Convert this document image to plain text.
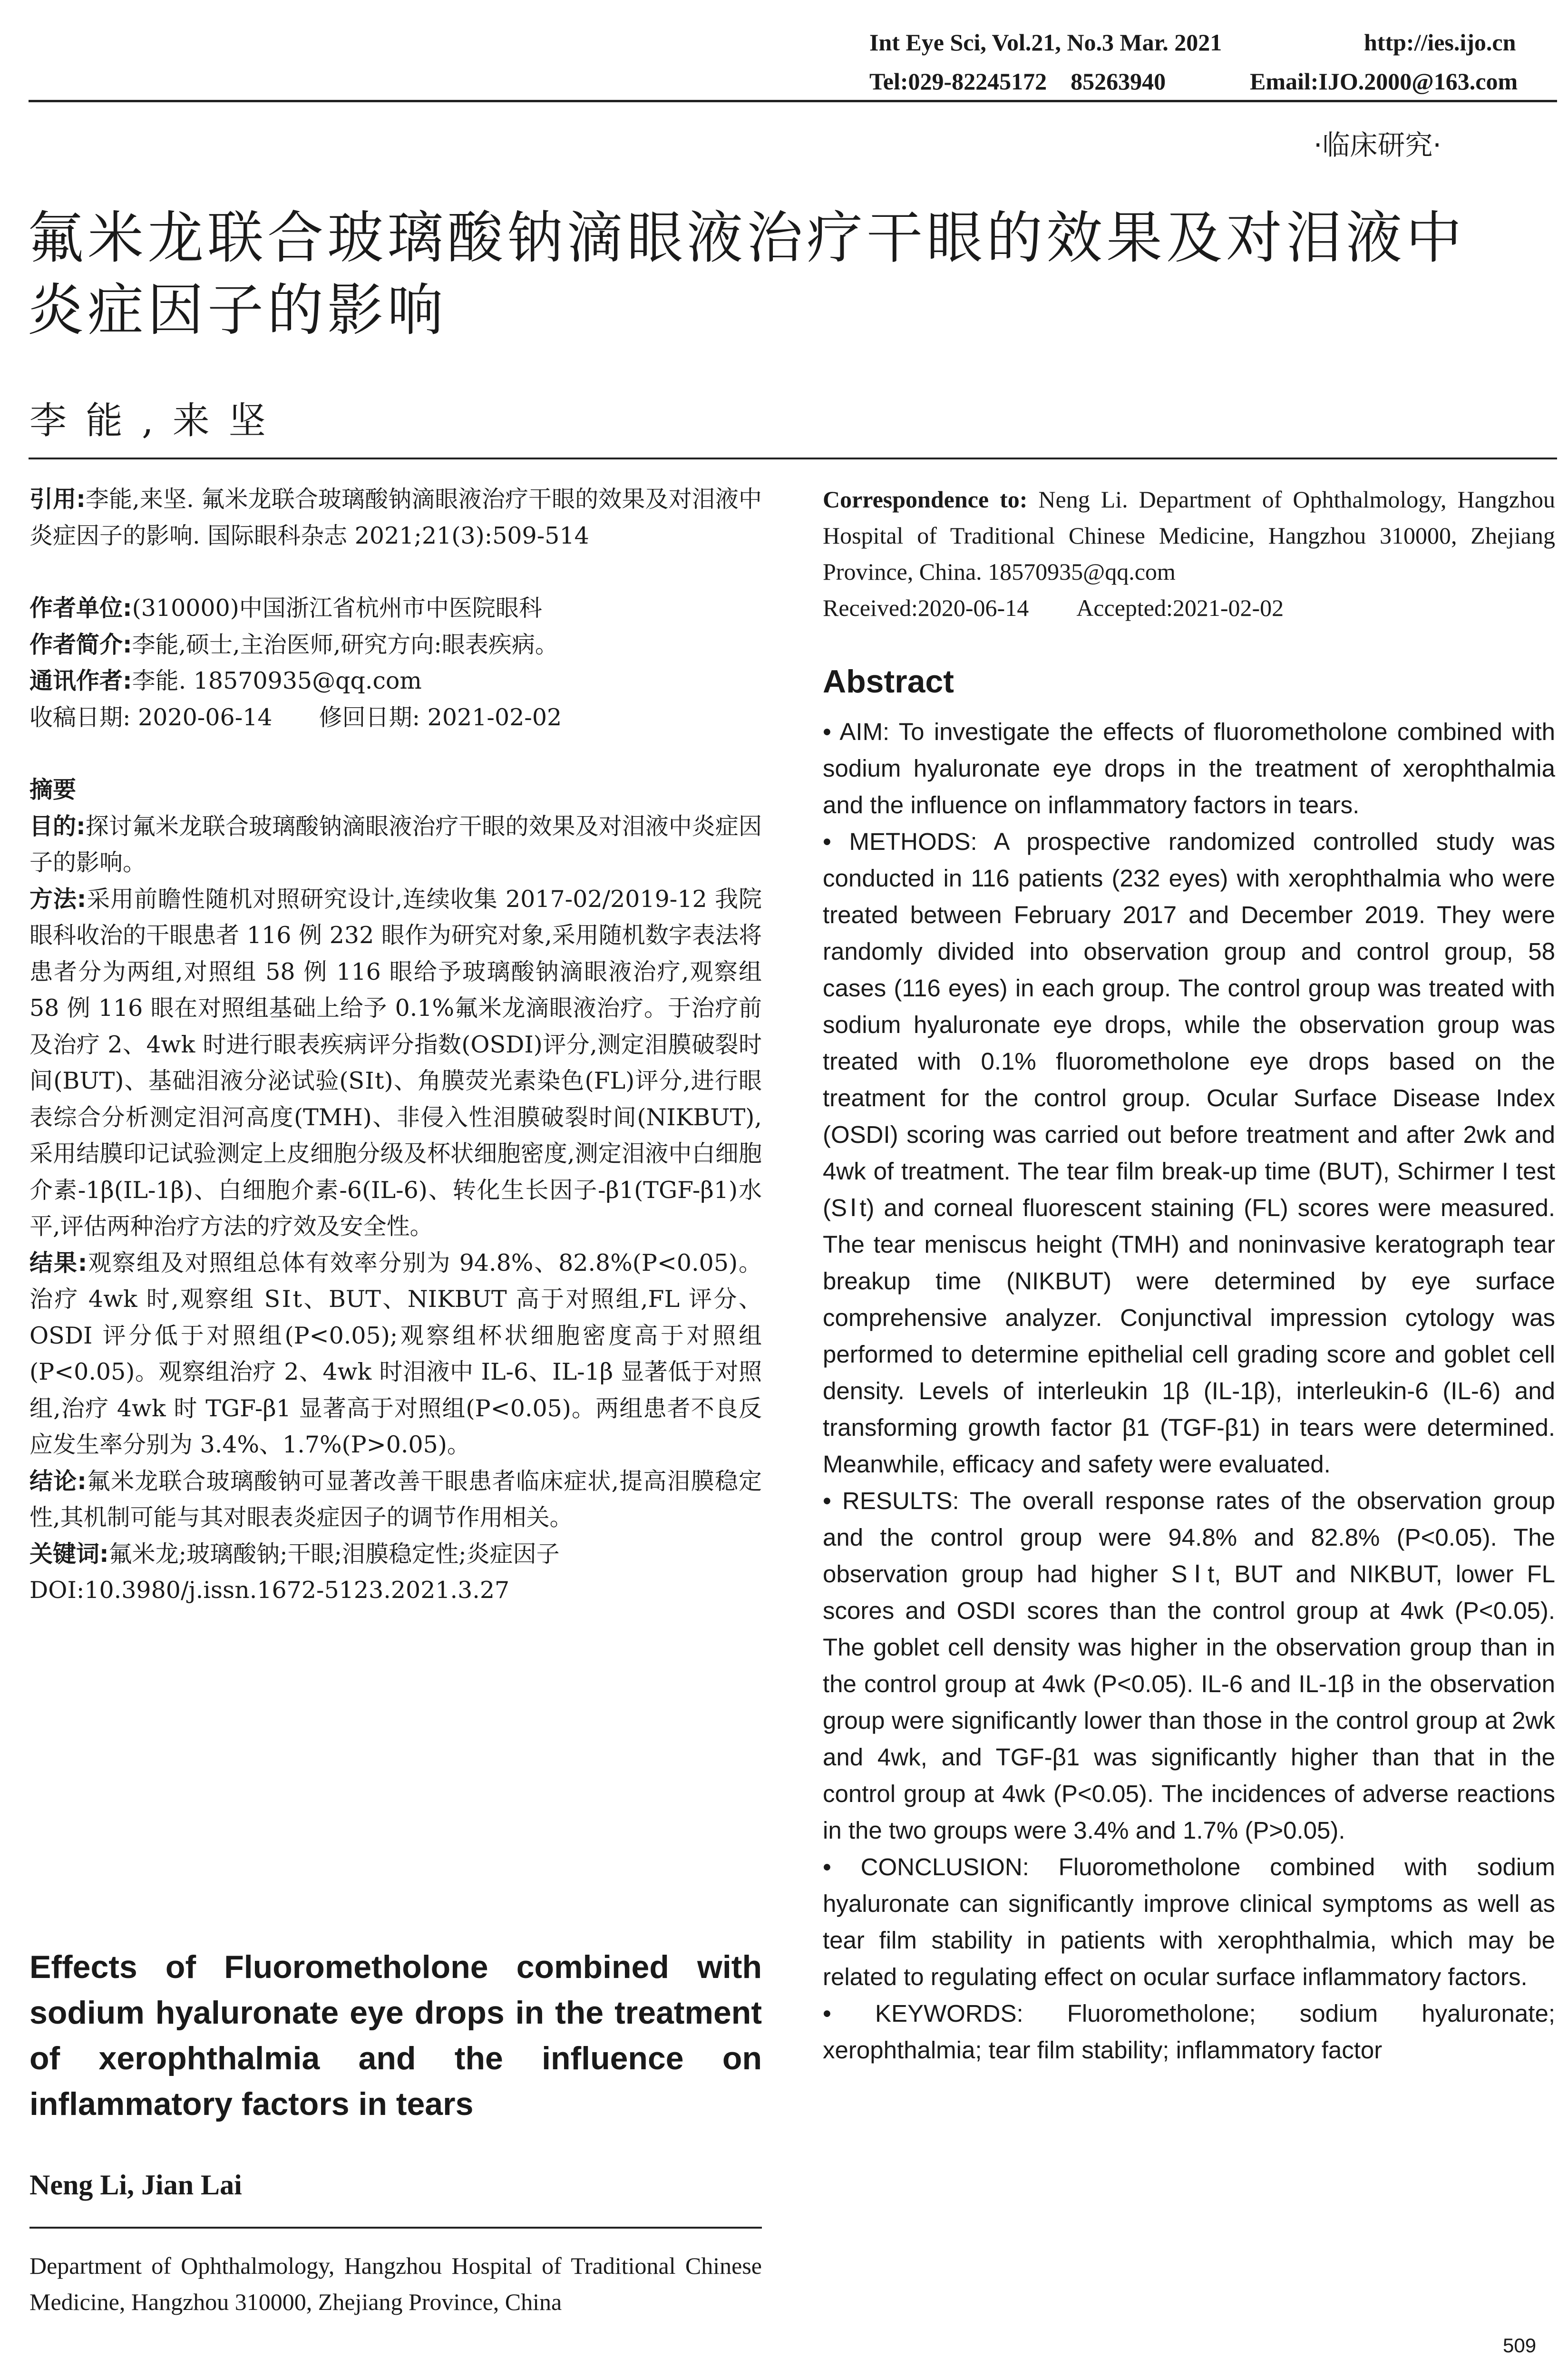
Int Eye Sci, Vol.21, No.3 Mar. 2021	http://ies.ijo.cn
Tel:029-82245172　85263940	Email:IJO.2000@163.com
·临床研究·
氟米龙联合玻璃酸钠滴眼液治疗干眼的效果及对泪液中
炎症因子的影响
李能,来坚

引用:李能,来坚. 氟米龙联合玻璃酸钠滴眼液治疗干眼的效果及对泪液中炎症因子的影响. 国际眼科杂志 2021;21(3):509-514

作者单位:(310000)中国浙江省杭州市中医院眼科

作者简介:李能,硕士,主治医师,研究方向:眼表疾病。

通讯作者:李能. 18570935@qq.com

收稿日期: 2020-06-14　　修回日期: 2021-02-02

摘要

目的:探讨氟米龙联合玻璃酸钠滴眼液治疗干眼的效果及对泪液中炎症因子的影响。

方法:采用前瞻性随机对照研究设计,连续收集 2017-02/2019-12 我院眼科收治的干眼患者 116 例 232 眼作为研究对象,采用随机数字表法将患者分为两组,对照组 58 例 116 眼给予玻璃酸钠滴眼液治疗,观察组 58 例 116 眼在对照组基础上给予 0.1%氟米龙滴眼液治疗。于治疗前及治疗 2、4wk 时进行眼表疾病评分指数(OSDI)评分,测定泪膜破裂时间(BUT)、基础泪液分泌试验(SⅠt)、角膜荧光素染色(FL)评分,进行眼表综合分析测定泪河高度(TMH)、非侵入性泪膜破裂时间(NIKBUT),采用结膜印记试验测定上皮细胞分级及杯状细胞密度,测定泪液中白细胞介素-1β(IL-1β)、白细胞介素-6(IL-6)、转化生长因子-β1(TGF-β1)水平,评估两种治疗方法的疗效及安全性。

结果:观察组及对照组总体有效率分别为 94.8%、82.8%(P<0.05)。治疗 4wk 时,观察组 SⅠt、BUT、NIKBUT 高于对照组,FL 评分、OSDI 评分低于对照组(P<0.05);观察组杯状细胞密度高于对照组(P<0.05)。观察组治疗 2、4wk 时泪液中 IL-6、IL-1β 显著低于对照组,治疗 4wk 时 TGF-β1 显著高于对照组(P<0.05)。两组患者不良反应发生率分别为 3.4%、1.7%(P>0.05)。

结论:氟米龙联合玻璃酸钠可显著改善干眼患者临床症状,提高泪膜稳定性,其机制可能与其对眼表炎症因子的调节作用相关。

关键词:氟米龙;玻璃酸钠;干眼;泪膜稳定性;炎症因子

DOI:10.3980/j.issn.1672-5123.2021.3.27

Effects of Fluorometholone combined with sodium hyaluronate eye drops in the treatment of xerophthalmia and the influence on inflammatory factors in tears
Neng Li, Jian Lai
Department of Ophthalmology, Hangzhou Hospital of Traditional Chinese Medicine, Hangzhou 310000, Zhejiang Province, China
Correspondence to: Neng Li. Department of Ophthalmology, Hangzhou Hospital of Traditional Chinese Medicine, Hangzhou 310000, Zhejiang Province, China. 18570935@qq.com
Received:2020-06-14　　Accepted:2021-02-02
Abstract

• AIM: To investigate the effects of fluorometholone combined with sodium hyaluronate eye drops in the treatment of xerophthalmia and the influence on inflammatory factors in tears.

• METHODS: A prospective randomized controlled study was conducted in 116 patients (232 eyes) with xerophthalmia who were treated between February 2017 and December 2019. They were randomly divided into observation group and control group, 58 cases (116 eyes) in each group. The control group was treated with sodium hyaluronate eye drops, while the observation group was treated with 0.1% fluorometholone eye drops based on the treatment for the control group. Ocular Surface Disease Index (OSDI) scoring was carried out before treatment and after 2wk and 4wk of treatment. The tear film break-up time (BUT), Schirmer I test (SⅠt) and corneal fluorescent staining (FL) scores were measured. The tear meniscus height (TMH) and noninvasive keratograph tear breakup time (NIKBUT) were determined by eye surface comprehensive analyzer. Conjunctival impression cytology was performed to determine epithelial cell grading score and goblet cell density. Levels of interleukin 1β (IL-1β), interleukin-6 (IL-6) and transforming growth factor β1 (TGF-β1) in tears were determined. Meanwhile, efficacy and safety were evaluated.

• RESULTS: The overall response rates of the observation group and the control group were 94.8% and 82.8% (P<0.05). The observation group had higher SⅠt, BUT and NIKBUT, lower FL scores and OSDI scores than the control group at 4wk (P<0.05). The goblet cell density was higher in the observation group than in the control group at 4wk (P<0.05). IL-6 and IL-1β in the observation group were significantly lower than those in the control group at 2wk and 4wk, and TGF-β1 was significantly higher than that in the control group at 4wk (P<0.05). The incidences of adverse reactions in the two groups were 3.4% and 1.7% (P>0.05).

• CONCLUSION: Fluorometholone combined with sodium hyaluronate can significantly improve clinical symptoms as well as tear film stability in patients with xerophthalmia, which may be related to regulating effect on ocular surface inflammatory factors.

• KEYWORDS: Fluorometholone; sodium hyaluronate; xerophthalmia; tear film stability; inflammatory factor

509
